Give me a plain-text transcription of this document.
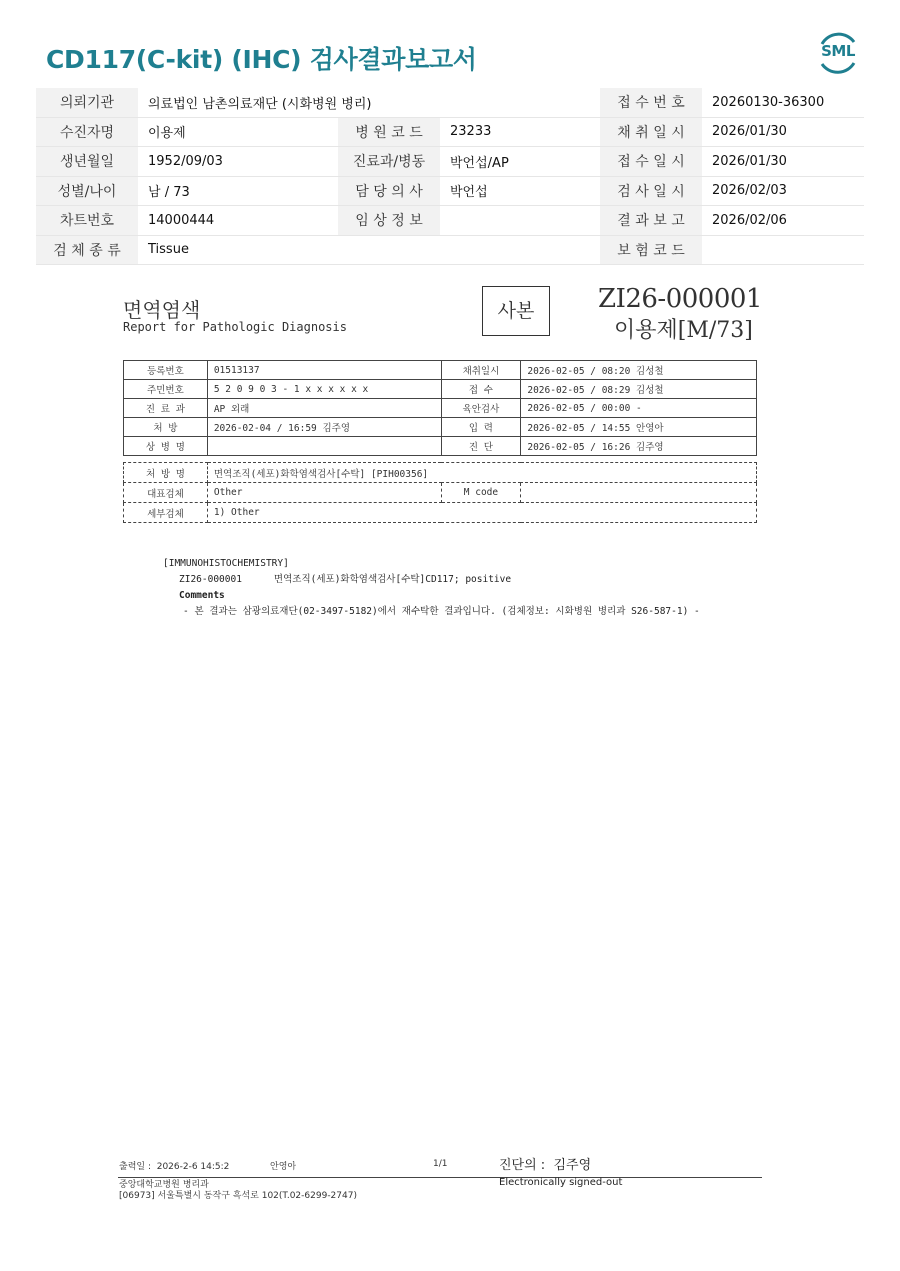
CD117(C-kit) (IHC) 검사결과보고서	SML
의뢰기관	의료법인 남촌의료재단 (시화병원 병리)			접 수 번 호	20260130-36300
수진자명	이용제	병 원 코 드	23233	채 취 일 시	2026/01/30
생년월일	1952/09/03	진료과/병동	박언섭/AP	접 수 일 시	2026/01/30
성별/나이	남 / 73	담 당 의 사	박언섭	검 사 일 시	2026/02/03
차트번호	14000444	임 상 정 보		결 과 보 고	2026/02/06
검 체 종 류	Tissue			보 험 코 드	
면역염색
Report for Pathologic Diagnosis
사본	ZI26-000001
이용제[M/73]
등록번호	01513137	채취일시	2026-02-05 / 08:20 김성철
주민번호	5 2 0 9 0 3 - 1 x x x x x x	접 수	2026-02-05 / 08:29 김성철
진 료 과	AP 외래	육안검사	2026-02-05 / 00:00 -
처 방	2026-02-04 / 16:59 김주영	입 력	2026-02-05 / 14:55 안영아
상 병 명		진 단	2026-02-05 / 16:26 김주영
처 방 명	면역조직(세포)화학염색검사[수탁] [PIH00356]		
대표검체	Other	M code	
세부검체	1) Other		
[IMMUNOHISTOCHEMISTRY]
ZI26-000001	면역조직(세포)화학염색검사[수탁]CD117; positive
Comments
- 본 결과는 삼광의료재단(02-3497-5182)에서 재수탁한 결과입니다. (검체정보: 시화병원 병리과 S26-587-1) -
출력일 : 2026-2-6 14:5:2	안영아	1/1	진단의 : 김주영
중앙대학교병원 병리과
[06973] 서울특별시 동작구 흑석로 102(T.02-6299-2747)
Electronically signed-out
